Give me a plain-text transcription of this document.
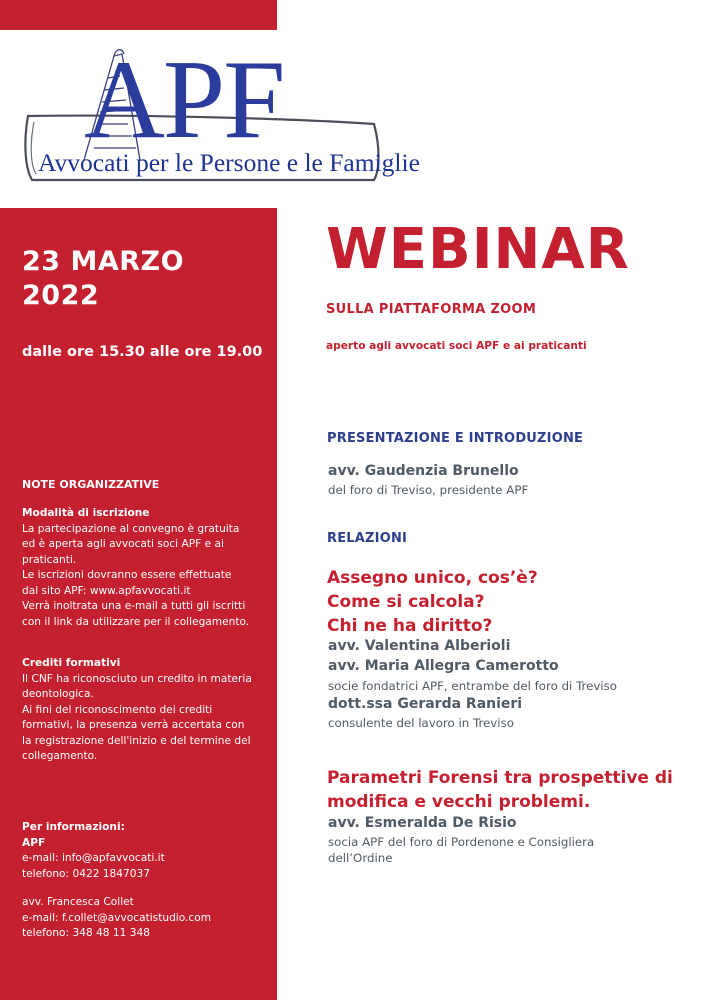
APF
Avvocati per le Persone e le Famiglie
23 MARZO
2022
dalle ore 15.30 alle ore 19.00
NOTE ORGANIZZATIVE
Modalità di iscrizione
La partecipazione al convegno è gratuita
ed è aperta agli avvocati soci APF e ai
praticanti.
Le iscrizioni dovranno essere effettuate
dal sito APF: www.apfavvocati.it
Verrà inoltrata una e-mail a tutti gli iscritti
con il link da utilizzare per il collegamento.
Crediti formativi
Il CNF ha riconosciuto un credito in materia
deontologica.
Ai fini del riconoscimento dei crediti
formativi, la presenza verrà accertata con
la registrazione dell'inizio e del termine del
collegamento.
Per informazioni:
APF
e-mail: info@apfavvocati.it
telefono: 0422 1847037
avv. Francesca Collet
e-mail: f.collet@avvocatistudio.com
telefono: 348 48 11 348
WEBINAR
SULLA PIATTAFORMA ZOOM
aperto agli avvocati soci APF e ai praticanti
PRESENTAZIONE E INTRODUZIONE
avv. Gaudenzia Brunello
del foro di Treviso, presidente APF
RELAZIONI
Assegno unico, cos’è?
Come si calcola?
Chi ne ha diritto?
avv. Valentina Alberioli
avv. Maria Allegra Camerotto
socie fondatrici APF, entrambe del foro di Treviso
dott.ssa Gerarda Ranieri
consulente del lavoro in Treviso
Parametri Forensi tra prospettive di
modifica e vecchi problemi.
avv. Esmeralda De Risio
socia APF del foro di Pordenone e Consigliera
dell’Ordine
